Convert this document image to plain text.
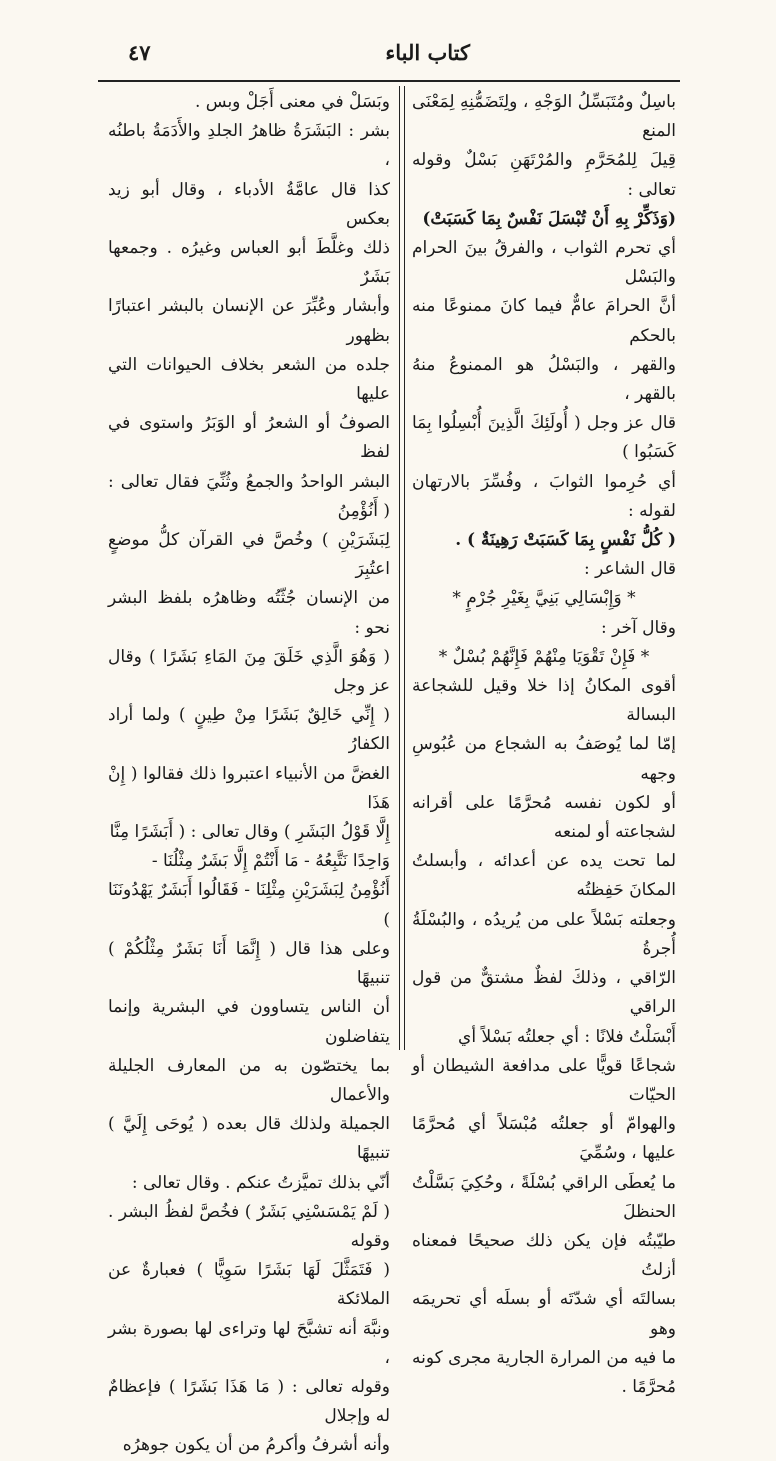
كتاب الباء
٤٧

باسِلٌ ومُتَبَسِّلُ الوَجْهِ ، ولِتَضَمُّنِهِ لِمَعْنَى المنع

قِيلَ لِلمُحَرَّمِ والمُرْتَهَنِ بَسْلٌ وقوله تعالى :

(وَذَكِّرْ بِهِ أَنْ تُبْسَلَ نَفْسٌ بِمَا كَسَبَتْ)

أي تحرم الثواب ، والفرقُ بينَ الحرام والبَسْل

أنَّ الحرامَ عامٌّ فيما كانَ ممنوعًا منه بالحكم

والقهر ، والبَسْلُ هو الممنوعُ منهُ بالقهر ،

قال عز وجل ( أُولَئِكَ الَّذِينَ أُبْسِلُوا بِمَا كَسَبُوا )

أي حُرِموا الثوابَ ، وفُسِّرَ بالارتهان لقوله :

( كُلُّ نَفْسٍ بِمَا كَسَبَتْ رَهِينَةٌ ) .

قال الشاعر :

* وَإِبْسَالِي بَنِيَّ بِغَيْرِ جُرْمٍ *

وقال آخر :

* فَإِنْ تَقْوَيَا مِنْهُمْ فَإِنَّهُمْ بُسْلٌ *

أقوى المكانُ إذا خلا وقيل للشجاعة البسالة

إمّا لما يُوصَفُ به الشجاع من عُبُوسِ وجهه

أو لكون نفسه مُحرَّمًا على أقرانه لشجاعته أو لمنعه

لما تحت يده عن أعدائه ، وأبسلتُ المكانَ حَفِظتُه

وجعلته بَسْلاً على من يُريدُه ، والبُسْلَةُ أُجرةُ

الرّاقي ، وذلكَ لفظٌ مشتقٌّ من قول الراقي

أَبْسَلْتُ فلانًا : أي جعلتُه بَسْلاً أي

شجاعًا قويًّا على مدافعة الشيطان أو الحيّات

والهوامّ أو جعلتُه مُبْسَلاً أي مُحرَّمًا عليها ، وسُمِّيَ

ما يُعطَى الراقي بُسْلَةً ، وحُكِيَ بَسَّلْتُ الحنظلَ

طيّبتُه فإن يكن ذلك صحيحًا فمعناه أزلتُ

بسالتَه أي شدّتَه أو بسلَه أي تحريمَه وهو

ما فيه من المرارة الجارية مجرى كونه مُحرَّمًا .

وبَسَلْ في معنى أَجَلْ وبس .

بشر : البَشَرَةُ ظاهرُ الجلدِ والأَدَمَةُ باطنُه ،

كذا قال عامَّةُ الأدباء ، وقال أبو زيد بعكس

ذلك وغلَّطَ أبو العباس وغيرُه . وجمعها بَشَرٌ

وأبشار وعُبِّرَ عن الإنسان بالبشر اعتبارًا بظهور

جلده من الشعر بخلاف الحيوانات التي عليها

الصوفُ أو الشعرُ أو الوَبَرُ واستوى في لفظ

البشر الواحدُ والجمعُ وثُنِّيَ فقال تعالى : ( أَنُؤْمِنُ

لِبَشَرَيْنِ ) وخُصَّ في القرآن كلُّ موضعٍ اعتُبِرَ

من الإنسان جُثّتُه وظاهرُه بلفظ البشر نحو :

( وَهُوَ الَّذِي خَلَقَ مِنَ المَاءِ بَشَرًا ) وقال عز وجل

( إِنِّي خَالِقٌ بَشَرًا مِنْ طِينٍ ) ولما أراد الكفارُ

الغضَّ من الأنبياء اعتبروا ذلك فقالوا ( إِنْ هَذَا

إِلَّا قَوْلُ البَشَرِ ) وقال تعالى : ( أَبَشَرًا مِنَّا

وَاحِدًا نَتَّبِعُهُ - مَا أَنْتُمْ إِلَّا بَشَرٌ مِثْلُنَا -

أَنُؤْمِنُ لِبَشَرَيْنِ مِثْلِنَا - فَقَالُوا أَبَشَرٌ يَهْدُونَنَا )

وعلى هذا قال ( إِنَّمَا أَنَا بَشَرٌ مِثْلُكُمْ ) تنبيهًا

أن الناس يتساوون في البشرية وإنما يتفاضلون

بما يختصّون به من المعارف الجليلة والأعمال

الجميلة ولذلك قال بعده ( يُوحَى إِلَيَّ ) تنبيهًا

أنّي بذلك تميَّزتُ عنكم . وقال تعالى :

( لَمْ يَمْسَسْنِي بَشَرٌ ) فخُصَّ لفظُ البشر . وقوله

( فَتَمَثَّلَ لَهَا بَشَرًا سَوِيًّا ) فعبارةٌ عن الملائكة

ونبَّهَ أنه تشبَّحَ لها وتراءى لها بصورة بشر ،

وقوله تعالى : ( مَا هَذَا بَشَرًا ) فإعظامٌ له وإجلال

وأنه أشرفُ وأكرمُ من أن يكون جوهرُه
